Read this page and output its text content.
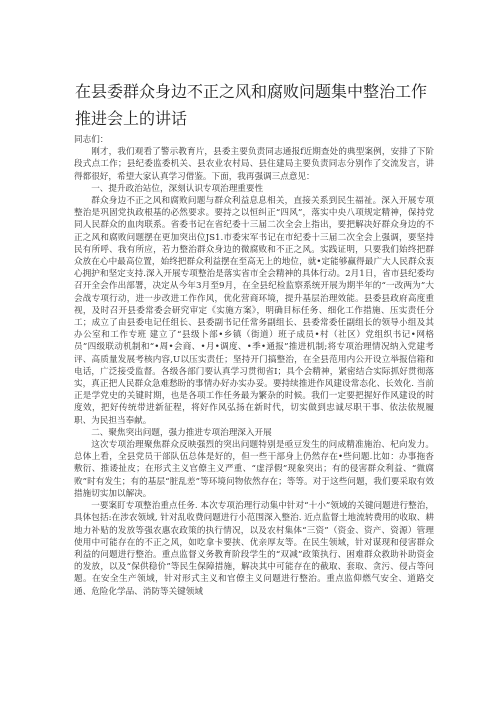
在县委群众身边不正之风和腐败问题集中整治工作推进会上的讲话

同志们：

刚才，我们观看了警示教育片，县委主要负责同志通报f近期查处的典型案例，安排了下阶段式点工作；县纪委监委机关、县农业农村局、县住建局主要负责同志分别作了交流发言，讲得都很好，希望大家认真学习借鉴。下面，我再强调三点意见：

一、提升政治站位，深刻认识专项治理重要性

群众身边不正之风和腐败问题与群众利益息息相关，直接关系到民生福祉。深入开展专项整治是巩固党执政根基的必然要求。要持之以恒纠正“四风”，落实中央八项规定精神，保持党同人民群众的血肉联系。省委书记在省纪委十三届二次全会上指出，要把解决好群众身边的不正之风和腐败问题摆在更加突出位JS1.市委宋军书记在市纪委十三届二次全会上强调，要坚持民有所呼、我有所应，若力整治群众身边的微腐败和不正之风。实践证明，只要我们始终把群众放在心中最高位置，始终把群众利益摆在至高无上的地位，就•定能够赢得最广大人民群众衷心拥护和坚定支持.深入开展专项整治是落实省市全会精神的具体行动。2月1日，省市县纪委均召开全会作出部署，决定从今年3月至9月，在全县纪检监察系统开展为期半年的“一改两为”大会战专项行动，进一步改进工作作风，优化营商环境，提升基层治理效能。县委县政府高度重视，及时召开县委常委会研究审定《实施方案》，明确目标任务、细化工作措施、压实责任分工；成立了由县委电记任组长、县委副书记任常务副组长、县委常委任副组长的领导小组及其办公室和工作专班 建立了“县级卜部•乡镇（街道）班子成员•村（社区）党组织书记•网格员”四级联动机制和“•周•会商、•月•调度、•季•通报”推进机制;将专项治理情况纳入党建考评、高质量发展考核内容,U以压实责任；坚持开门搞整治，在全县范用内公开设立举报信箱和电话，广泛接受监督。各级各部门要认真学习贯彻省I；具个会精神，紧密结合实际抓好贯彻落实，真正把人民群众急难愁盼的事情办好办实办妥。要持续推进作风建设常态化、长效化. 当前正是学党史的关键时期，也是各项工作任务最为繁杂的时候。我们一定要把握好作风建设的时度效，把好传统带进新征程，将好作风弘扬在新时代，切实做到忠诚尽职干事、依法依规履职、为民担当奉献。

二、聚焦突出问题，强力推进专项治理深入开展

这次专项治理聚焦群众反映强烈的突出问题特别是亟豆发生的问成精准施治、杞向发力。总体上看，全县党员干部队伍总体是好的，但一些干部身上仍然存在•些问题.比如：办事拖沓敷衍、推诿扯皮；在形式主义官僚主义严重、“虚浮假”现象突出；有的侵害群众利益、“微腐败”时有发生；有的基层“脏乱差”等环境问物依然存在；等等。对于这些问题，我们要采取有效措施切实加以解决。

一要案盯专项整治重点任务. 本次专项治理行动集中针对“十小”领域的关键问题进行整治，具体包括:在涉农领域, 针对乱收费问题进行小范围深入整治. 近点监督土地流转费用的收取、耕地力补贴的发放等强农惠农政策的执行情况，以及农村集体“三资”（资金、资产、资源）管理使用中可能存在的不正之风，如吃拿卡要挟、优亲厚友等。在民生领域，针对谋现和侵害群众利益的问题进行整治。重点监督义务教育阶段学生的“双减”政策执行、困难群众救助补助资金的发放，以及“保供稳价”等民生保障措施，解决其中可能存在的截取、套取、贪污、侵占等问题。在安全生产领域，针对形式主义和官僚主义问题进行整治。重点监仰燃气安全、道路交通、危险化学品、消防等关键领域
